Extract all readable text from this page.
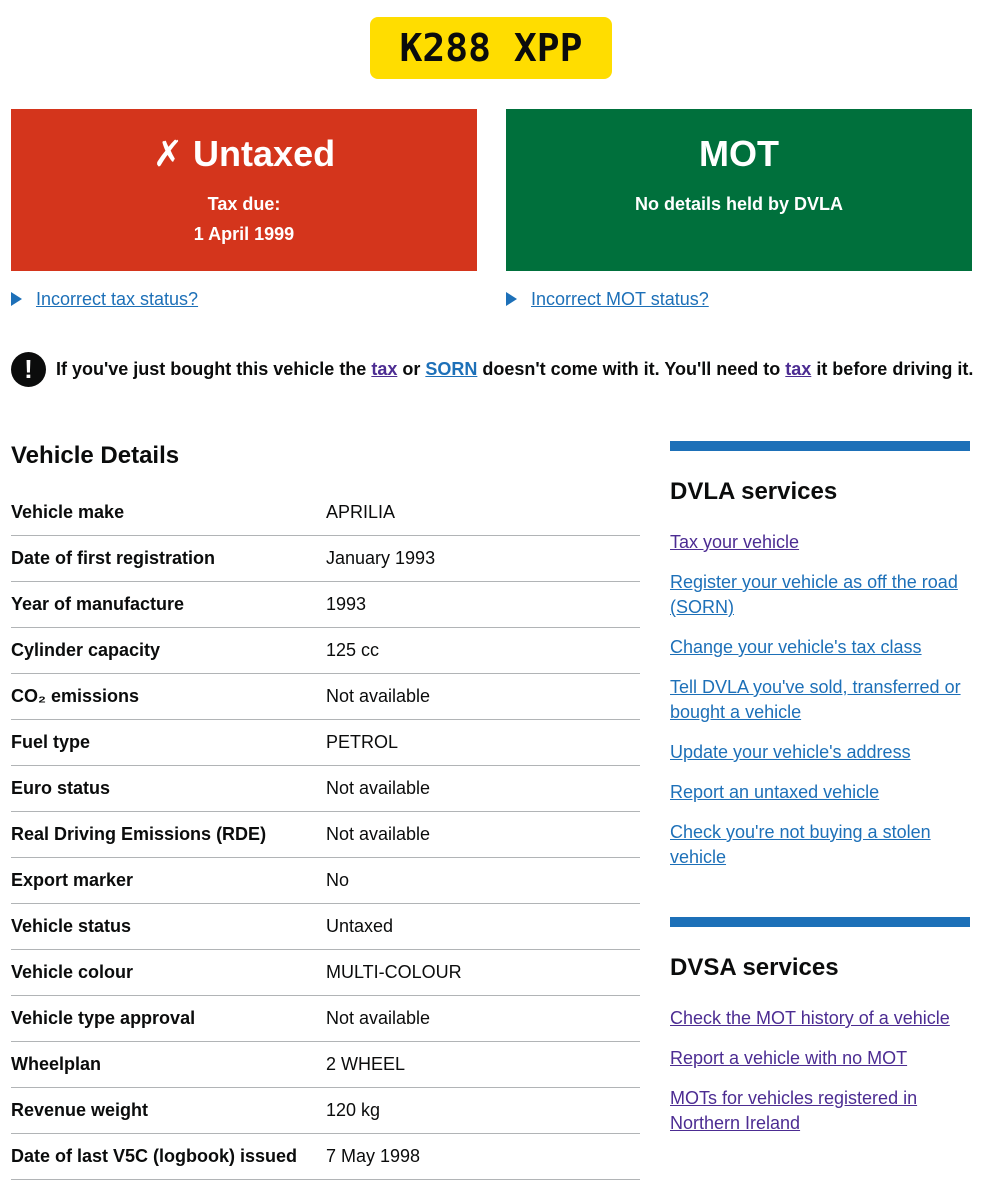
K288 XPP
✗ Untaxed
Tax due:
1 April 1999
MOT
No details held by DVLA
Incorrect tax status?	Incorrect MOT status?
!	If you've just bought this vehicle the tax or SORN doesn't come with it. You'll need to tax it before driving it.
Vehicle Details
Vehicle make	APRILIA
Date of first registration	January 1993
Year of manufacture	1993
Cylinder capacity	125 cc
CO₂ emissions	Not available
Fuel type	PETROL
Euro status	Not available
Real Driving Emissions (RDE)	Not available
Export marker	No
Vehicle status	Untaxed
Vehicle colour	MULTI-COLOUR
Vehicle type approval	Not available
Wheelplan	2 WHEEL
Revenue weight	120 kg
Date of last V5C (logbook) issued	7 May 1998
DVLA services
Tax your vehicle
Register your vehicle as off the road (SORN)
Change your vehicle's tax class
Tell DVLA you've sold, transferred or bought a vehicle
Update your vehicle's address
Report an untaxed vehicle
Check you're not buying a stolen vehicle
DVSA services
Check the MOT history of a vehicle
Report a vehicle with no MOT
MOTs for vehicles registered in Northern Ireland
